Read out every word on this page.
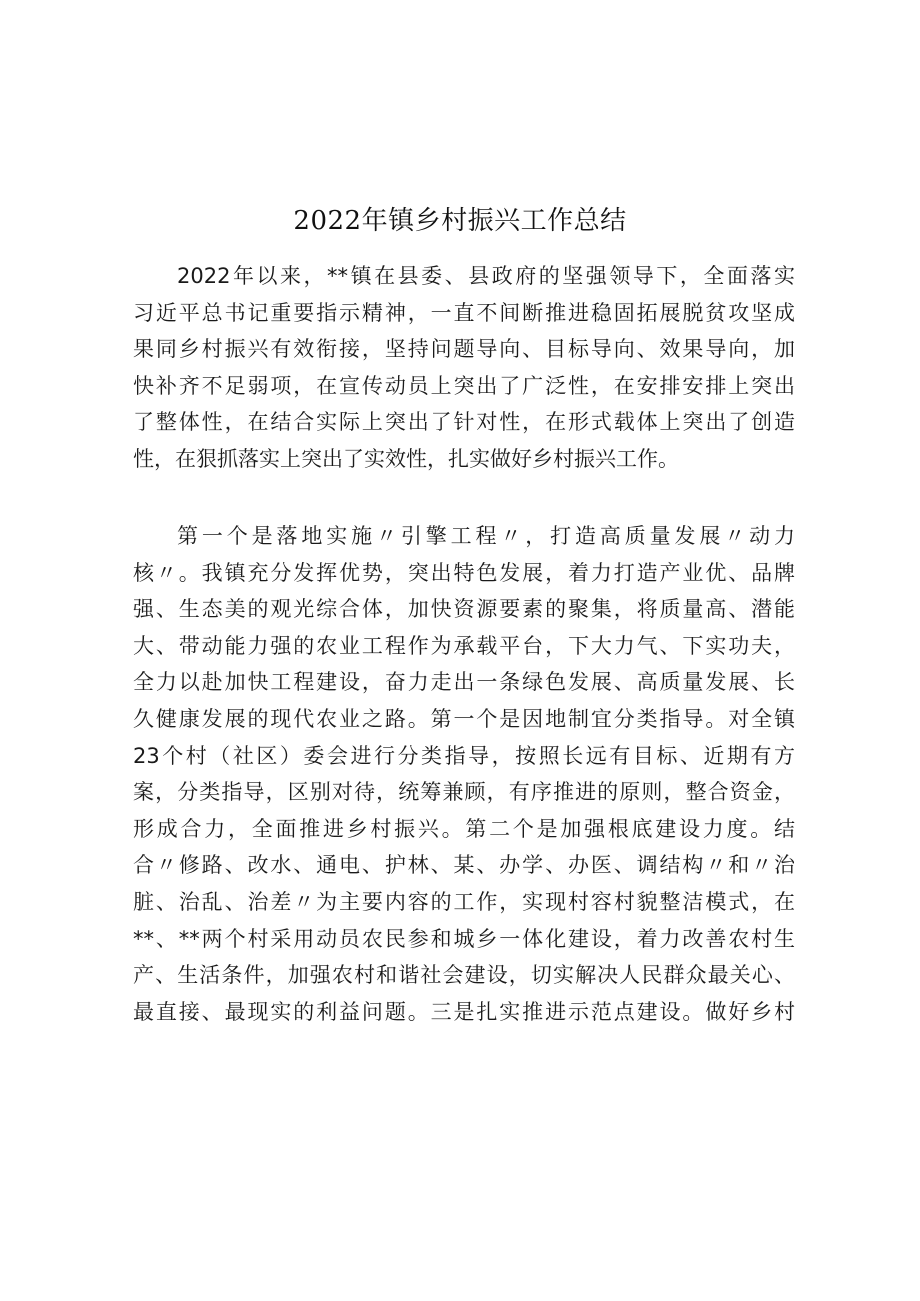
2022年镇乡村振兴工作总结
2022年以来，**镇在县委、县政府的坚强领导下，全面落实
习近平总书记重要指示精神，一直不间断推进稳固拓展脱贫攻坚成
果同乡村振兴有效衔接，坚持问题导向、目标导向、效果导向，加
快补齐不足弱项，在宣传动员上突出了广泛性，在安排安排上突出
了整体性，在结合实际上突出了针对性，在形式载体上突出了创造
性，在狠抓落实上突出了实效性，扎实做好乡村振兴工作。
第一个是落地实施〃引擎工程〃，打造高质量发展〃动力
核〃。我镇充分发挥优势，突出特色发展，着力打造产业优、品牌
强、生态美的观光综合体，加快资源要素的聚集，将质量高、潜能
大、带动能力强的农业工程作为承载平台，下大力气、下实功夫，
全力以赴加快工程建设，奋力走出一条绿色发展、高质量发展、长
久健康发展的现代农业之路。第一个是因地制宜分类指导。对全镇
23个村（社区）委会进行分类指导，按照长远有目标、近期有方
案，分类指导，区别对待，统筹兼顾，有序推进的原则，整合资金，
形成合力，全面推进乡村振兴。第二个是加强根底建设力度。结
合〃修路、改水、通电、护林、某、办学、办医、调结构〃和〃治
脏、治乱、治差〃为主要内容的工作，实现村容村貌整洁模式，在
**、**两个村采用动员农民参和城乡一体化建设，着力改善农村生
产、生活条件，加强农村和谐社会建设，切实解决人民群众最关心、
最直接、最现实的利益问题。三是扎实推进示范点建设。做好乡村
